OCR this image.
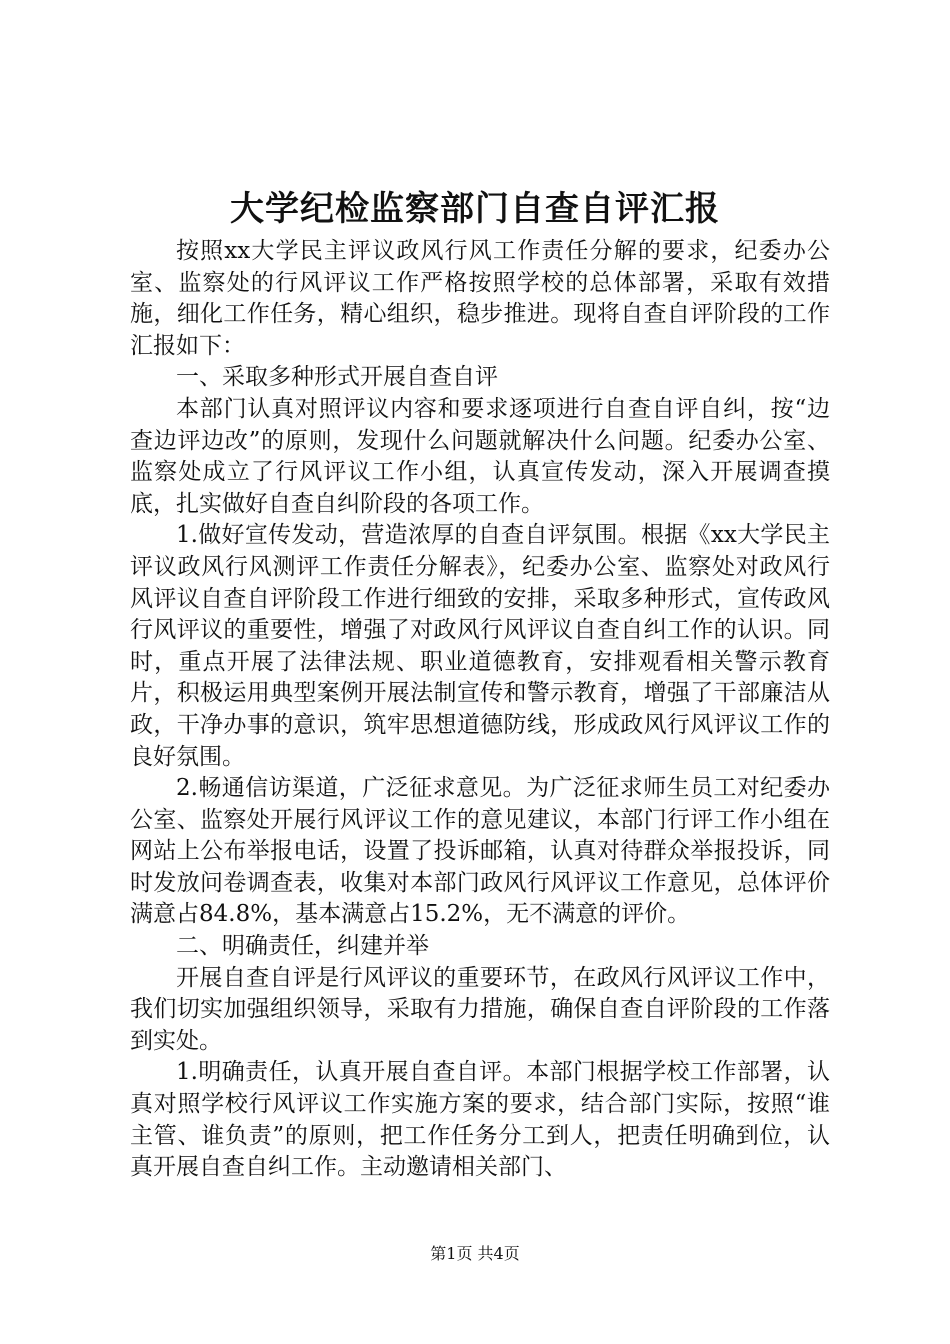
大学纪检监察部门自查自评汇报

按照xx大学民主评议政风行风工作责任分解的要求，纪委办公室、监察处的行风评议工作严格按照学校的总体部署，采取有效措施，细化工作任务，精心组织，稳步推进。现将自查自评阶段的工作汇报如下：

一、采取多种形式开展自查自评

本部门认真对照评议内容和要求逐项进行自查自评自纠，按“边查边评边改”的原则，发现什么问题就解决什么问题。纪委办公室、监察处成立了行风评议工作小组，认真宣传发动，深入开展调查摸底，扎实做好自查自纠阶段的各项工作。

1.做好宣传发动，营造浓厚的自查自评氛围。根据《xx大学民主评议政风行风测评工作责任分解表》，纪委办公室、监察处对政风行风评议自查自评阶段工作进行细致的安排，采取多种形式，宣传政风行风评议的重要性，增强了对政风行风评议自查自纠工作的认识。同时，重点开展了法律法规、职业道德教育，安排观看相关警示教育片，积极运用典型案例开展法制宣传和警示教育，增强了干部廉洁从政，干净办事的意识，筑牢思想道德防线，形成政风行风评议工作的良好氛围。

2.畅通信访渠道，广泛征求意见。为广泛征求师生员工对纪委办公室、监察处开展行风评议工作的意见建议，本部门行评工作小组在网站上公布举报电话，设置了投诉邮箱，认真对待群众举报投诉，同时发放问卷调查表，收集对本部门政风行风评议工作意见，总体评价满意占84.8%，基本满意占15.2%，无不满意的评价。

二、明确责任，纠建并举

开展自查自评是行风评议的重要环节，在政风行风评议工作中，我们切实加强组织领导，采取有力措施，确保自查自评阶段的工作落到实处。

1.明确责任，认真开展自查自评。本部门根据学校工作部署，认真对照学校行风评议工作实施方案的要求，结合部门实际，按照“谁主管、谁负责”的原则，把工作任务分工到人，把责任明确到位，认真开展自查自纠工作。主动邀请相关部门、

第1页 共4页
